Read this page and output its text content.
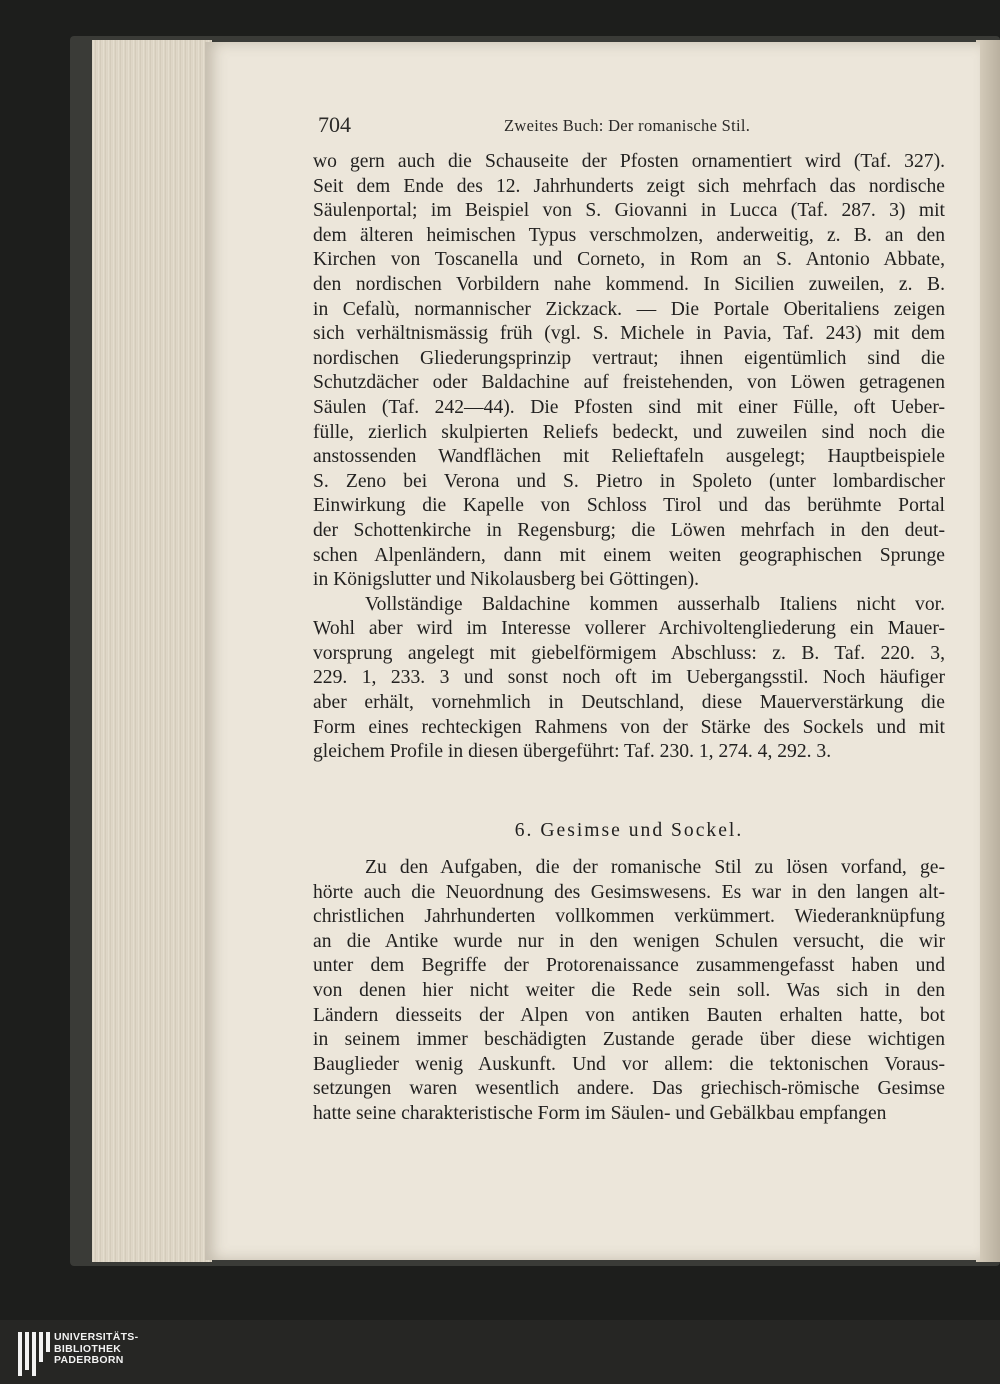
704	Zweites Buch: Der romanische Stil.
wo gern auch die Schauseite der Pfosten ornamentiert wird (Taf. 327).
Seit dem Ende des 12. Jahrhunderts zeigt sich mehrfach das nordische
Säulenportal; im Beispiel von S. Giovanni in Lucca (Taf. 287. 3) mit
dem älteren heimischen Typus verschmolzen, anderweitig, z. B. an den
Kirchen von Toscanella und Corneto, in Rom an S. Antonio Abbate,
den nordischen Vorbildern nahe kommend. In Sicilien zuweilen, z. B.
in Cefalù, normannischer Zickzack. — Die Portale Oberitaliens zeigen
sich verhältnismässig früh (vgl. S. Michele in Pavia, Taf. 243) mit dem
nordischen Gliederungsprinzip vertraut; ihnen eigentümlich sind die
Schutzdächer oder Baldachine auf freistehenden, von Löwen getragenen
Säulen (Taf. 242—44). Die Pfosten sind mit einer Fülle, oft Ueber-
fülle, zierlich skulpierten Reliefs bedeckt, und zuweilen sind noch die
anstossenden Wandflächen mit Relieftafeln ausgelegt; Hauptbeispiele
S. Zeno bei Verona und S. Pietro in Spoleto (unter lombardischer
Einwirkung die Kapelle von Schloss Tirol und das berühmte Portal
der Schottenkirche in Regensburg; die Löwen mehrfach in den deut-
schen Alpenländern, dann mit einem weiten geographischen Sprunge
in Königslutter und Nikolausberg bei Göttingen).
Vollständige Baldachine kommen ausserhalb Italiens nicht vor.
Wohl aber wird im Interesse vollerer Archivoltengliederung ein Mauer-
vorsprung angelegt mit giebelförmigem Abschluss: z. B. Taf. 220. 3,
229. 1, 233. 3 und sonst noch oft im Uebergangsstil. Noch häufiger
aber erhält, vornehmlich in Deutschland, diese Mauerverstärkung die
Form eines rechteckigen Rahmens von der Stärke des Sockels und mit
gleichem Profile in diesen übergeführt: Taf. 230. 1, 274. 4, 292. 3.
6. Gesimse und Sockel.
Zu den Aufgaben, die der romanische Stil zu lösen vorfand, ge-
hörte auch die Neuordnung des Gesimswesens. Es war in den langen alt-
christlichen Jahrhunderten vollkommen verkümmert. Wiederanknüpfung
an die Antike wurde nur in den wenigen Schulen versucht, die wir
unter dem Begriffe der Protorenaissance zusammengefasst haben und
von denen hier nicht weiter die Rede sein soll. Was sich in den
Ländern diesseits der Alpen von antiken Bauten erhalten hatte, bot
in seinem immer beschädigten Zustande gerade über diese wichtigen
Bauglieder wenig Auskunft. Und vor allem: die tektonischen Voraus-
setzungen waren wesentlich andere. Das griechisch-römische Gesimse
hatte seine charakteristische Form im Säulen- und Gebälkbau empfangen
UNIVERSITÄTS-
BIBLIOTHEK
PADERBORN
